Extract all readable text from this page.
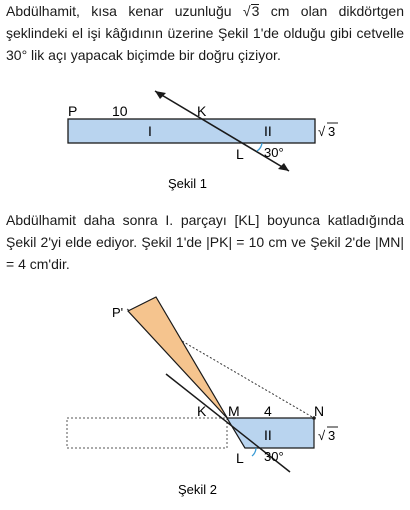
Abdülhamit, kısa kenar uzunluğu √3 cm olan dikdörtgen şeklindeki el işi kâğıdının üzerine Şekil 1'de olduğu gibi cetvelle 30° lik açı yapacak biçimde bir doğru çiziyor.
P 10	K
I	II	√ 3
L 30°
Şekil 1
Abdülhamit daha sonra I. parçayı [KL] boyunca katladığında Şekil 2'yi elde ediyor. Şekil 1'de |PK| = 10 cm ve Şekil 2'de |MN| = 4 cm'dir.
P'
K M 4	N
II	√ 3
L 30°
Şekil 2
